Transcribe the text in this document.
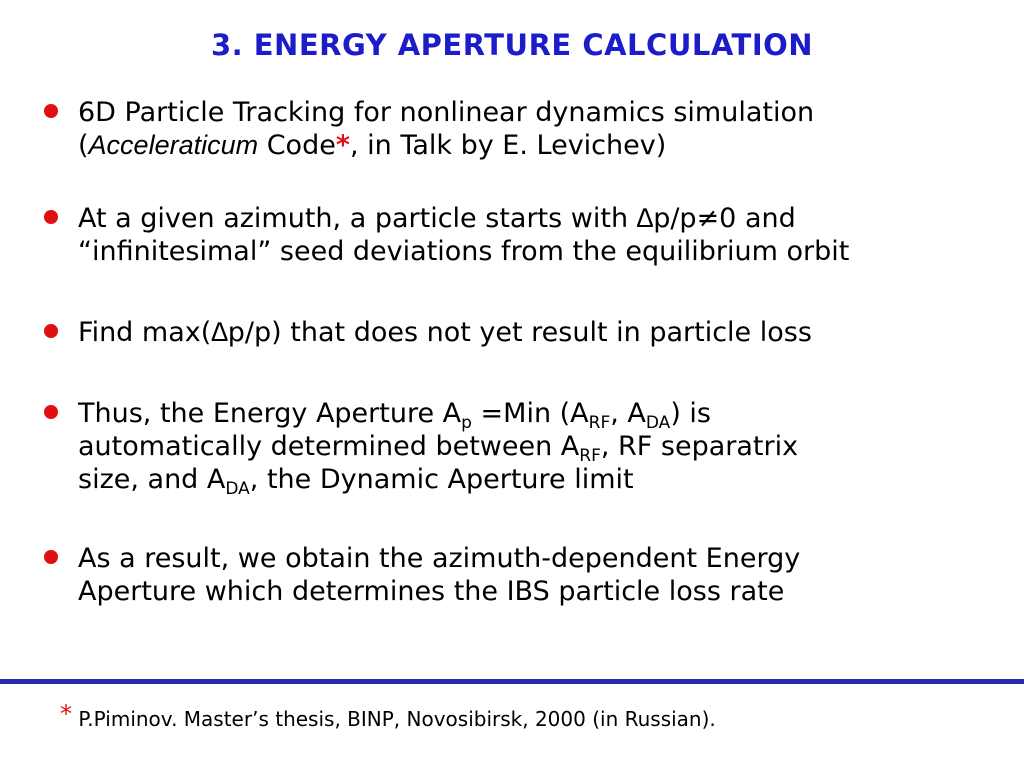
3. ENERGY APERTURE CALCULATION
6D Particle Tracking for nonlinear dynamics simulation
(Acceleraticum Code*, in Talk by E. Levichev)
At a given azimuth, a particle starts with ∆p/p≠0 and
“infinitesimal” seed deviations from the equilibrium orbit
Find max(∆p/p) that does not yet result in particle loss
Thus, the Energy Aperture $A_p =Min$ ($A_{RF}$, $A_{DA}$) is
automatically determined between $A_{RF}$, RF separatrix
size, and $A_{DA}$, the Dynamic Aperture limit
As a result, we obtain the azimuth-dependent Energy
Aperture which determines the IBS particle loss rate
* P.Piminov. Master’s thesis, BINP, Novosibirsk, 2000 (in Russian).
